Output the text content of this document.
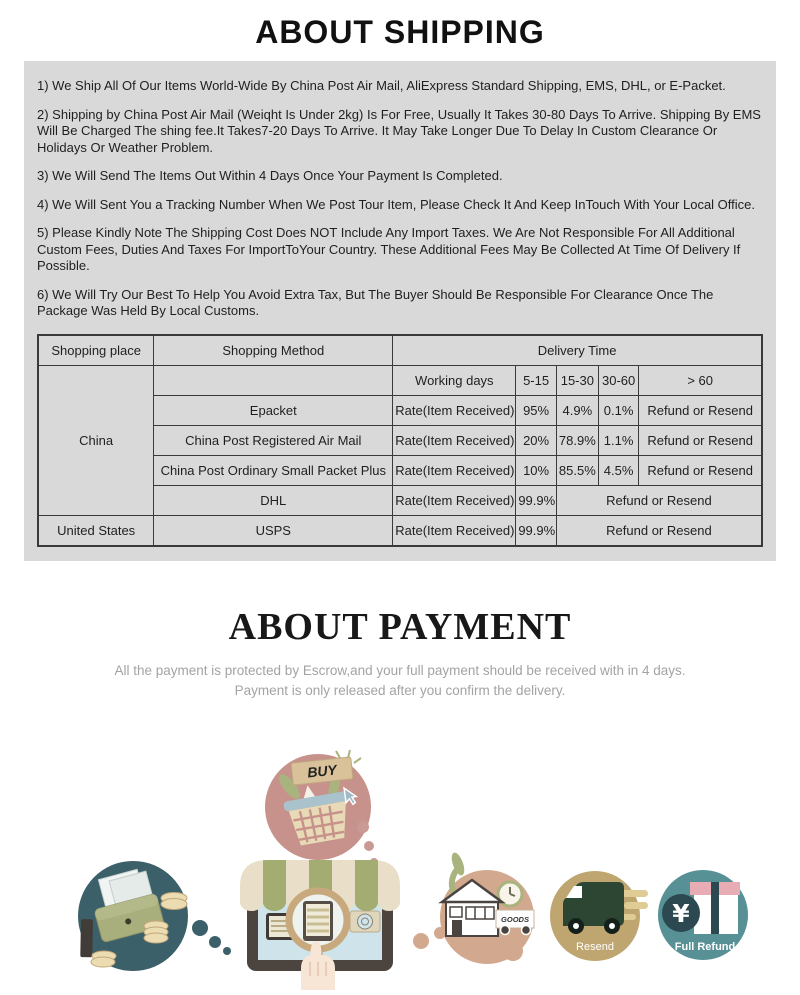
ABOUT SHIPPING

1) We Ship All Of Our Items World-Wide By China Post Air Mail, AliExpress Standard Shipping, EMS, DHL, or E-Packet.

2) Shipping by China Post Air Mail (Weiqht Is Under 2kg) Is For Free, Usually It Takes 30-80 Days To Arrive. Shipping By EMS Will Be Charged The shing fee.It Takes7-20 Days To Arrive. It May Take Longer Due To Delay In Custom Clearance Or Holidays Or Weather Problem.

3) We Will Send The Items Out Within 4 Days Once Your Payment Is Completed.

4) We Will Sent You a Tracking Number When We Post Tour Item, Please Check It And Keep InTouch With Your Local Office.

5) Please Kindly Note The Shipping Cost Does NOT Include Any Import Taxes. We Are Not Responsible For All Additional Custom Fees, Duties And Taxes For ImportToYour Country. These Additional Fees May Be Collected At Time Of Delivery If Possible.

6) We Will Try Our Best To Help You Avoid Extra Tax, But The Buyer Should Be Responsible For Clearance Once The Package Was Held By Local Customs.

Shopping place	Shopping Method	Delivery Time				
China		Working days	5-15	15-30	30-60	> 60
	Epacket	Rate(Item Received)	95%	4.9%	0.1%	Refund or Resend
	China Post Registered Air Mail	Rate(Item Received)	20%	78.9%	1.1%	Refund or Resend
	China Post Ordinary Small Packet Plus	Rate(Item Received)	10%	85.5%	4.5%	Refund or Resend
	DHL	Rate(Item Received)	99.9%	Refund or Resend		
United States	USPS	Rate(Item Received)	99.9%	Refund or Resend		
ABOUT PAYMENT

All the payment is protected by Escrow,and your full payment should be received with in 4 days.

Payment is only released after you confirm the delivery.

BUY
GOODS
Resend
¥
Full Refund
